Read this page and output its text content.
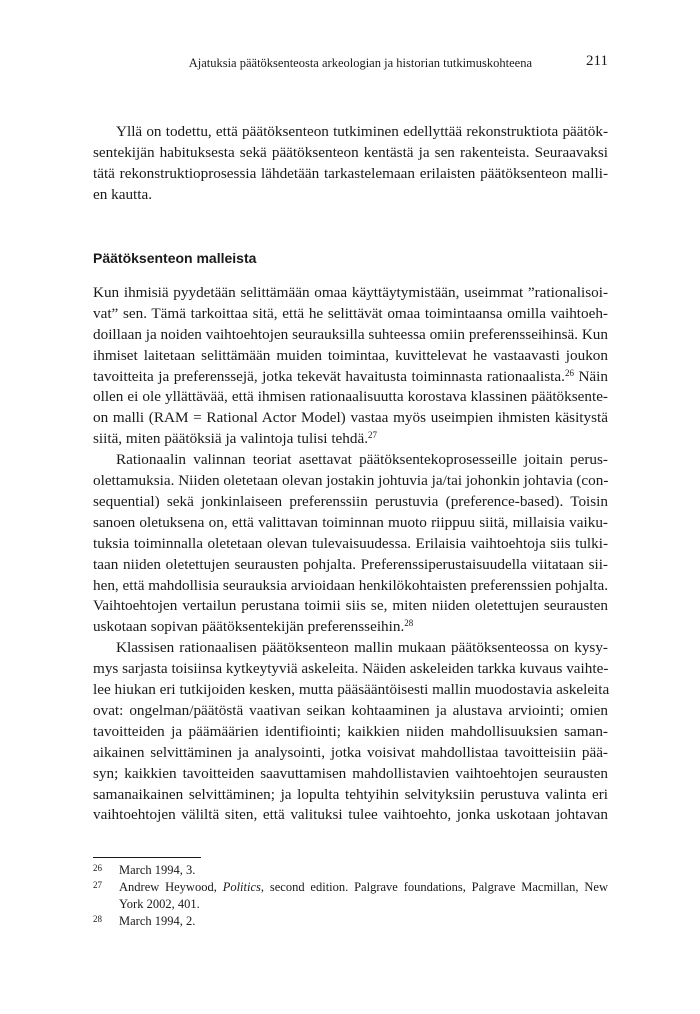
Ajatuksia päätöksenteosta arkeologian ja historian tutkimuskohteena	211
Yllä on todettu, että päätöksenteon tutkiminen edellyttää rekonstruktiota päätök-
sentekijän habituksesta sekä päätöksenteon kentästä ja sen rakenteista. Seuraavaksi
tätä rekonstruktioprosessia lähdetään tarkastelemaan erilaisten päätöksenteon malli-
en kautta.
Päätöksenteon malleista
Kun ihmisiä pyydetään selittämään omaa käyttäytymistään, useimmat ”rationalisoi-
vat” sen. Tämä tarkoittaa sitä, että he selittävät omaa toimintaansa omilla vaihtoeh-
doillaan ja noiden vaihtoehtojen seurauksilla suhteessa omiin preferensseihinsä. Kun
ihmiset laitetaan selittämään muiden toimintaa, kuvittelevat he vastaavasti joukon
tavoitteita ja preferenssejä, jotka tekevät havaitusta toiminnasta rationaalista.$^{26}$ Näin
ollen ei ole yllättävää, että ihmisen rationaalisuutta korostava klassinen päätöksente-
on malli (RAM = Rational Actor Model) vastaa myös useimpien ihmisten käsitystä
siitä, miten päätöksiä ja valintoja tulisi tehdä.$^{27}$
Rationaalin valinnan teoriat asettavat päätöksentekoprosesseille joitain perus-
olettamuksia. Niiden oletetaan olevan jostakin johtuvia ja/tai johonkin johtavia (con-
sequential) sekä jonkinlaiseen preferenssiin perustuvia (preference-based). Toisin
sanoen oletuksena on, että valittavan toiminnan muoto riippuu siitä, millaisia vaiku-
tuksia toiminnalla oletetaan olevan tulevaisuudessa. Erilaisia vaihtoehtoja siis tulki-
taan niiden oletettujen seurausten pohjalta. Preferenssiperustaisuudella viitataan sii-
hen, että mahdollisia seurauksia arvioidaan henkilökohtaisten preferenssien pohjalta.
Vaihtoehtojen vertailun perustana toimii siis se, miten niiden oletettujen seurausten
uskotaan sopivan päätöksentekijän preferensseihin.$^{28}$
Klassisen rationaalisen päätöksenteon mallin mukaan päätöksenteossa on kysy-
mys sarjasta toisiinsa kytkeytyviä askeleita. Näiden askeleiden tarkka kuvaus vaihte-
lee hiukan eri tutkijoiden kesken, mutta pääsääntöisesti mallin muodostavia askeleita
ovat: ongelman/päätöstä vaativan seikan kohtaaminen ja alustava arviointi; omien
tavoitteiden ja päämäärien identifiointi; kaikkien niiden mahdollisuuksien saman-
aikainen selvittäminen ja analysointi, jotka voisivat mahdollistaa tavoitteisiin pää-
syn; kaikkien tavoitteiden saavuttamisen mahdollistavien vaihtoehtojen seurausten
samanaikainen selvittäminen; ja lopulta tehtyihin selvityksiin perustuva valinta eri
vaihtoehtojen väliltä siten, että valituksi tulee vaihtoehto, jonka uskotaan johtavan
26 March 1994, 3.
27 Andrew Heywood, Politics, second edition. Palgrave foundations, Palgrave Macmillan, New York 2002, 401.
28 March 1994, 2.
